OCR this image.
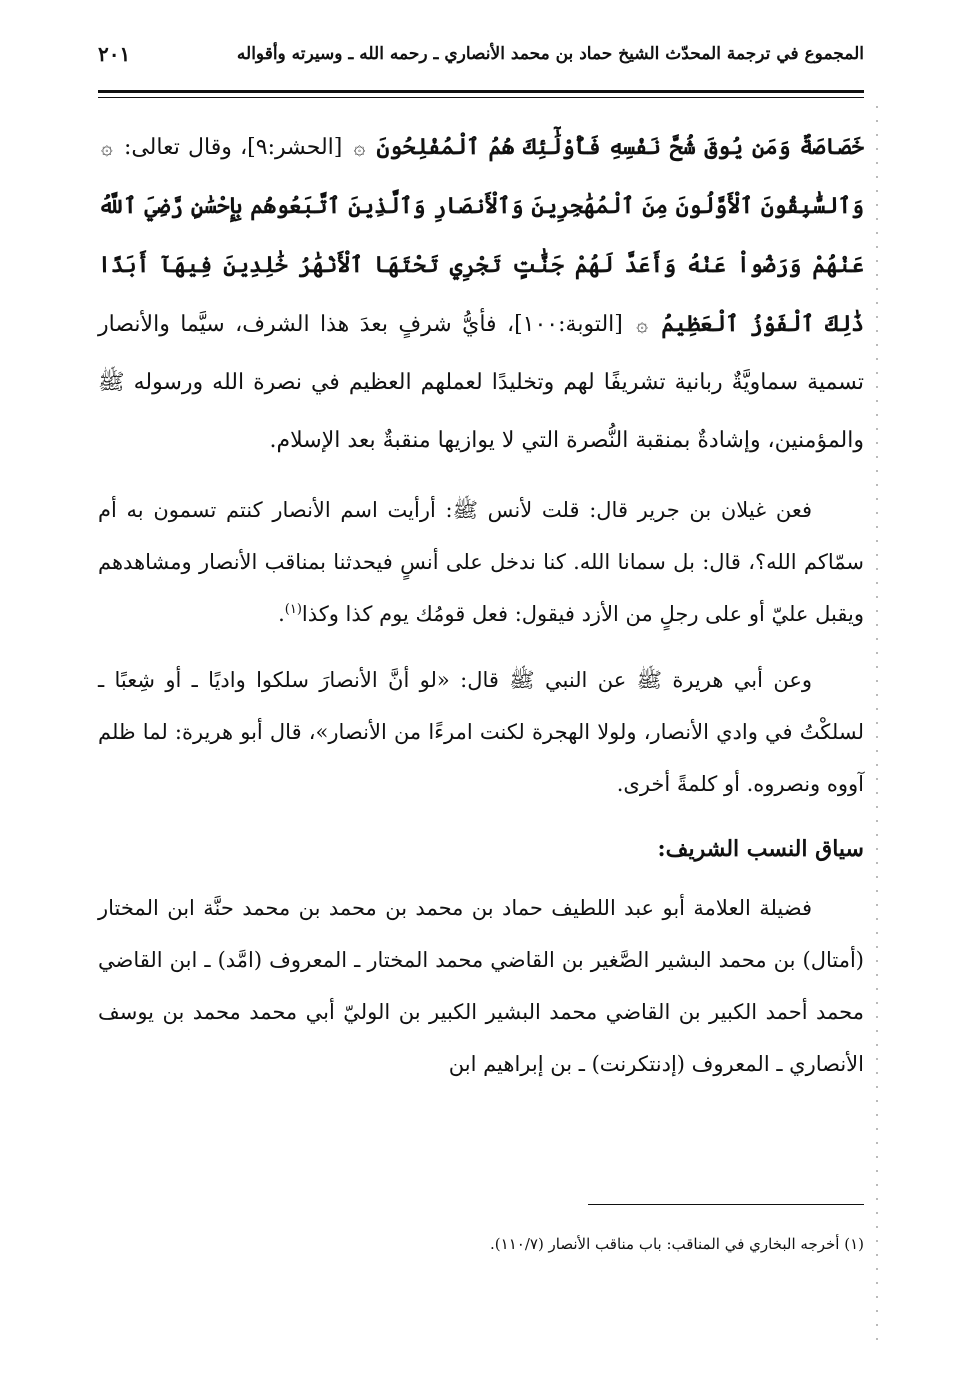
المجموع في ترجمة المحدّث الشيخ حماد بن محمد الأنصاري ـ رحمه الله ـ وسيرته وأقواله
٢٠١

خَصَاصَةٌ وَمَن يُوقَ شُحَّ نَفْسِهِ فَأُوْلَٰٓئِكَ هُمُ ٱلْمُفْلِحُونَ ۞ [الحشر:٩]، وقال تعالى: ۞ وَٱلسَّٰبِقُونَ ٱلْأَوَّلُونَ مِنَ ٱلْمُهَٰجِرِينَ وَٱلْأَنصَارِ وَٱلَّذِينَ ٱتَّبَعُوهُم بِإِحْسَٰنٍ رَّضِيَ ٱللَّهُ عَنْهُمْ وَرَضُواْ عَنْهُ وَأَعَدَّ لَهُمْ جَنَّٰتٍ تَجْرِي تَحْتَهَا ٱلْأَنْهَٰرُ خَٰلِدِينَ فِيهَآ أَبَدًا ذَٰلِكَ ٱلْفَوْزُ ٱلْعَظِيمُ ۞ [التوبة:١٠٠]، فأيُّ شرفٍ بعدَ هذا الشرف، سيَّما والأنصار تسمية سماويَّةٌ ربانية تشريفًا لهم وتخليدًا لعملهم العظيم في نصرة الله ورسوله ﷺ والمؤمنين، وإشادةٌ بمنقبة النُّصرة التي لا يوازيها منقبةٌ بعد الإسلام.

فعن غيلان بن جرير قال: قلت لأنس ﷺ: أرأيت اسم الأنصار كنتم تسمون به أم سمّاكم الله؟، قال: بل سمانا الله. كنا ندخل على أنسٍ فيحدثنا بمناقب الأنصار ومشاهدهم ويقبل عليّ أو على رجلٍ من الأزد فيقول: فعل قومُك يوم كذا وكذا$^{(١)}$.

وعن أبي هريرة ﷺ عن النبي ﷺ قال: «لو أنَّ الأنصارَ سلكوا واديًا ـ أو شِعبًا ـ لسلكْتُ في وادي الأنصار، ولولا الهجرة لكنت امرءًا من الأنصار»، قال أبو هريرة: لما ظلم آووه ونصروه. أو كلمةً أخرى.

سياق النسب الشريف:

فضيلة العلامة أبو عبد اللطيف حماد بن محمد بن محمد بن محمد حنَّة ابن المختار (أمتال) بن محمد البشير الصَّغير بن القاضي محمد المختار ـ المعروف (امَّد) ـ ابن القاضي محمد أحمد الكبير بن القاضي محمد البشير الكبير بن الوليّ أبي محمد محمد بن يوسف الأنصاري ـ المعروف (إدنتكرنت) ـ بن إبراهيم ابن

(١) أخرجه البخاري في المناقب: باب مناقب الأنصار (١١٠/٧).
